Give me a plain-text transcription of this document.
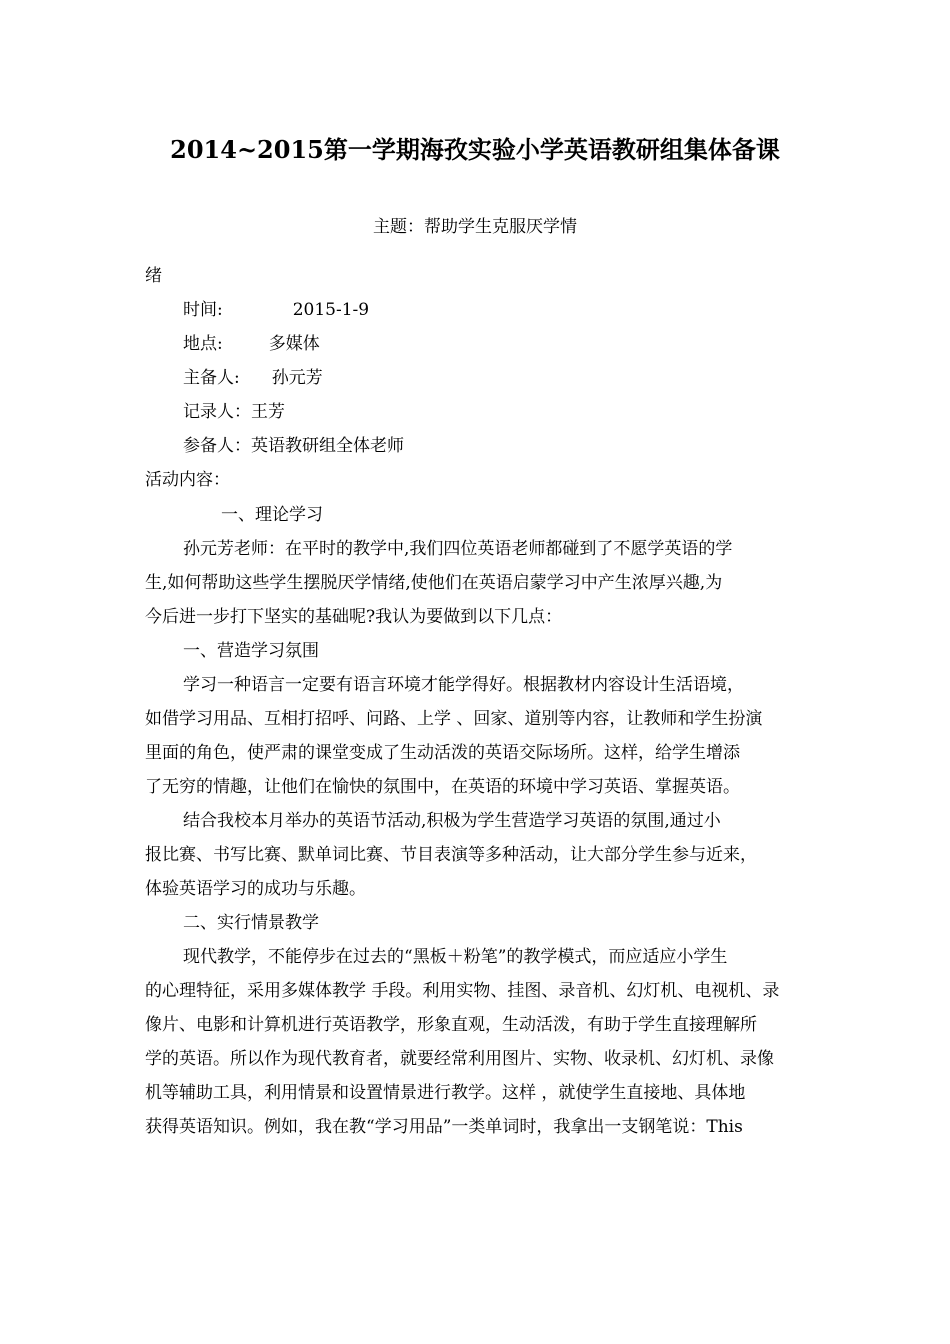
2014~2015第一学期海孜实验小学英语教研组集体备课
主题：帮助学生克服厌学情
绪
时间:	2015-1-9
地点:	多媒体
主备人: 孙元芳
记录人：王芳
参备人：英语教研组全体老师
活动内容：
一、理论学习
孙元芳老师：在平时的教学中,我们四位英语老师都碰到了不愿学英语的学
生,如何帮助这些学生摆脱厌学情绪,使他们在英语启蒙学习中产生浓厚兴趣,为
今后进一步打下坚实的基础呢?我认为要做到以下几点：
一、营造学习氛围
学习一种语言一定要有语言环境才能学得好。根据教材内容设计生活语境，
如借学习用品、互相打招呼、问路、上学 、回家、道别等内容，让教师和学生扮演
里面的角色，使严肃的课堂变成了生动活泼的英语交际场所。这样，给学生增添
了无穷的情趣，让他们在愉快的氛围中，在英语的环境中学习英语、掌握英语。
结合我校本月举办的英语节活动,积极为学生营造学习英语的氛围,通过小
报比赛、书写比赛、默单词比赛、节目表演等多种活动，让大部分学生参与近来，
体验英语学习的成功与乐趣。
二、实行情景教学
现代教学，不能停步在过去的“黑板＋粉笔”的教学模式，而应适应小学生
的心理特征，采用多媒体教学 手段。利用实物、挂图、录音机、幻灯机、电视机、录
像片、电影和计算机进行英语教学，形象直观，生动活泼，有助于学生直接理解所
学的英语。所以作为现代教育者，就要经常利用图片、实物、收录机、幻灯机、录像
机等辅助工具，利用情景和设置情景进行教学。这样 ，就使学生直接地、具体地
获得英语知识。例如，我在教“学习用品”一类单词时，我拿出一支钢笔说：This
